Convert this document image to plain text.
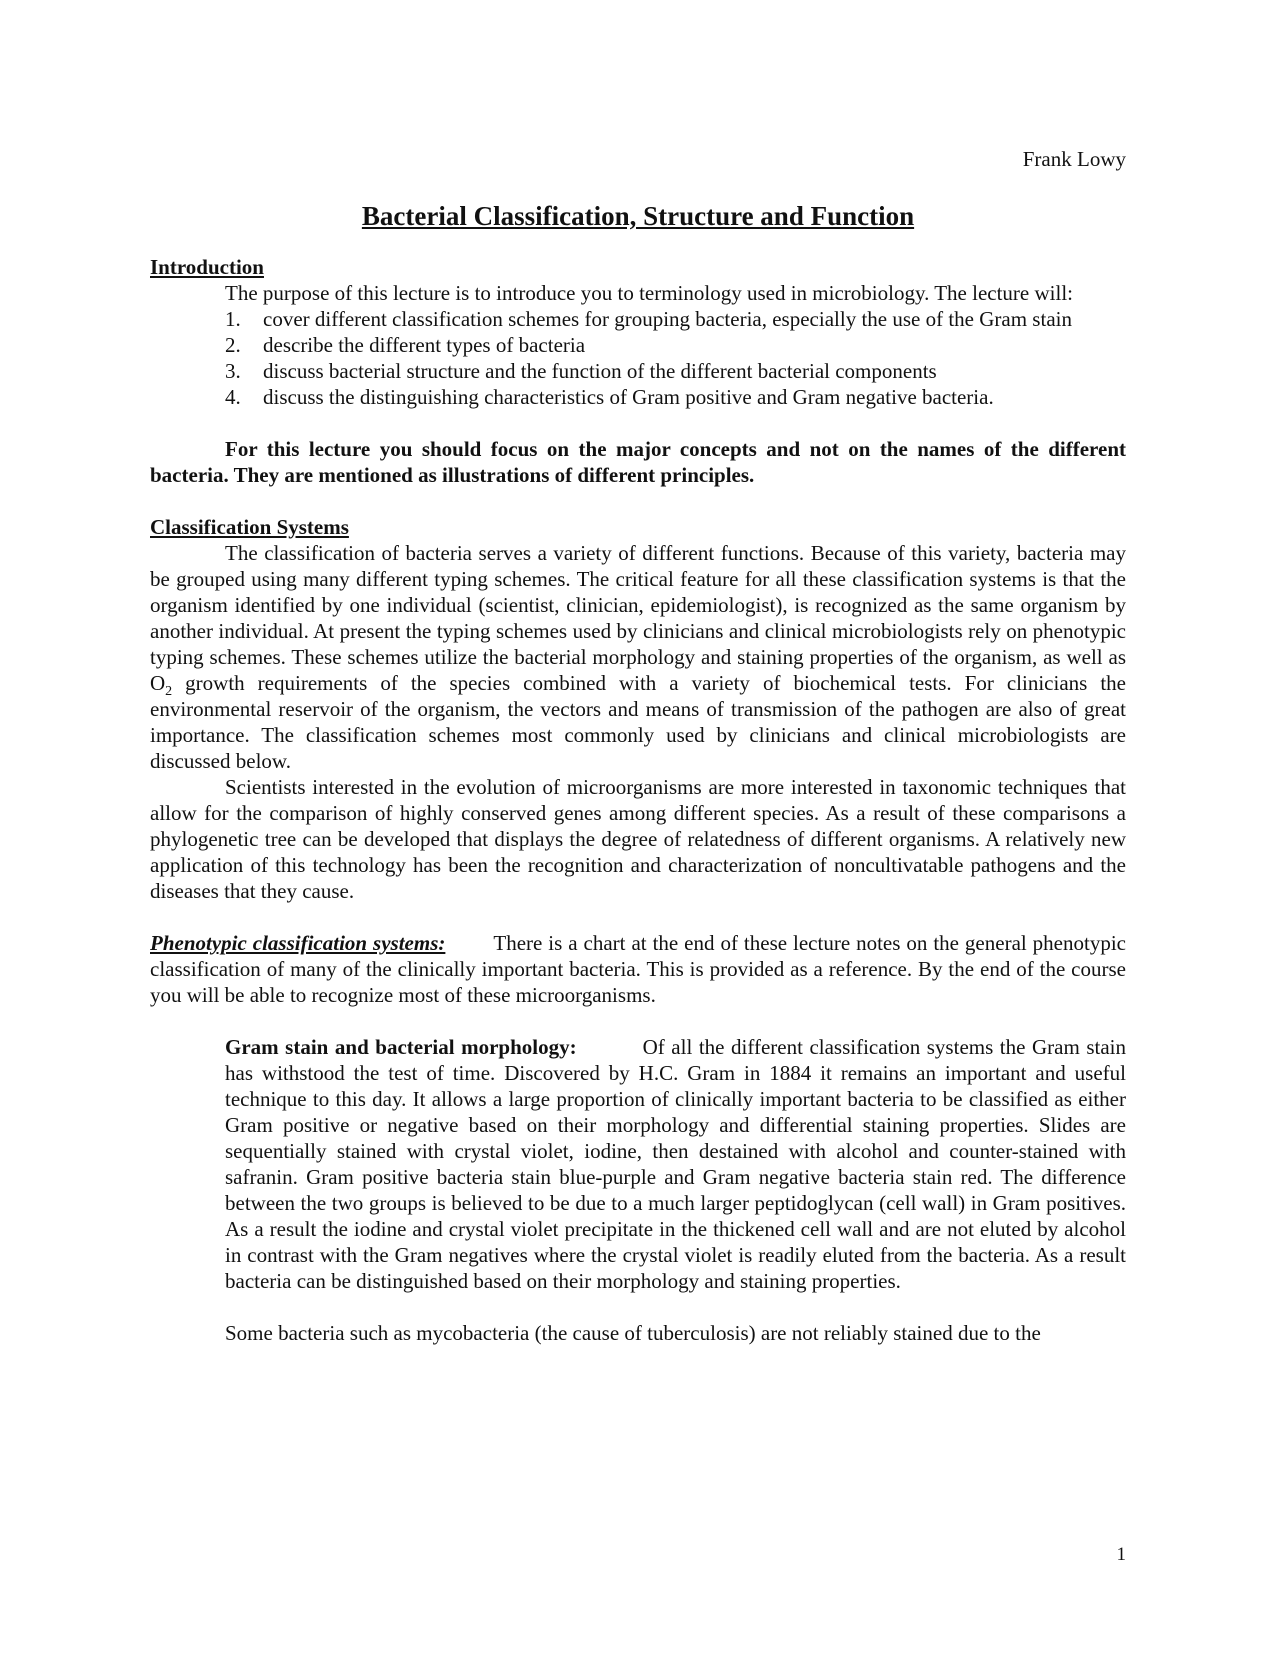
Frank Lowy

Bacterial Classification, Structure and Function
Introduction

The purpose of this lecture is to introduce you to terminology used in microbiology. The lecture will:

1. cover different classification schemes for grouping bacteria, especially the use of the Gram stain
2. describe the different types of bacteria
3. discuss bacterial structure and the function of the different bacterial components
4. discuss the distinguishing characteristics of Gram positive and Gram negative bacteria.

For this lecture you should focus on the major concepts and not on the names of the different bacteria. They are mentioned as illustrations of different principles.

Classification Systems

The classification of bacteria serves a variety of different functions. Because of this variety, bacteria may be grouped using many different typing schemes. The critical feature for all these classification systems is that the organism identified by one individual (scientist, clinician, epidemiologist), is recognized as the same organism by another individual. At present the typing schemes used by clinicians and clinical microbiologists rely on phenotypic typing schemes. These schemes utilize the bacterial morphology and staining properties of the organism, as well as $O_2$ growth requirements of the species combined with a variety of biochemical tests. For clinicians the environmental reservoir of the organism, the vectors and means of transmission of the pathogen are also of great importance. The classification schemes most commonly used by clinicians and clinical microbiologists are discussed below.

Scientists interested in the evolution of microorganisms are more interested in taxonomic techniques that allow for the comparison of highly conserved genes among different species. As a result of these comparisons a phylogenetic tree can be developed that displays the degree of relatedness of different organisms. A relatively new application of this technology has been the recognition and characterization of noncultivatable pathogens and the diseases that they cause.

Phenotypic classification systems: There is a chart at the end of these lecture notes on the general phenotypic classification of many of the clinically important bacteria. This is provided as a reference. By the end of the course you will be able to recognize most of these microorganisms.

Gram stain and bacterial morphology:	Of all the different classification systems the Gram stain has withstood the test of time. Discovered by H.C. Gram in 1884 it remains an important and useful technique to this day. It allows a large proportion of clinically important bacteria to be classified as either Gram positive or negative based on their morphology and differential staining properties. Slides are sequentially stained with crystal violet, iodine, then destained with alcohol and counter-stained with safranin. Gram positive bacteria stain blue-purple and Gram negative bacteria stain red. The difference between the two groups is believed to be due to a much larger peptidoglycan (cell wall) in Gram positives. As a result the iodine and crystal violet precipitate in the thickened cell wall and are not eluted by alcohol in contrast with the Gram negatives where the crystal violet is readily eluted from the bacteria. As a result bacteria can be distinguished based on their morphology and staining properties.

Some bacteria such as mycobacteria (the cause of tuberculosis) are not reliably stained due to the

1
